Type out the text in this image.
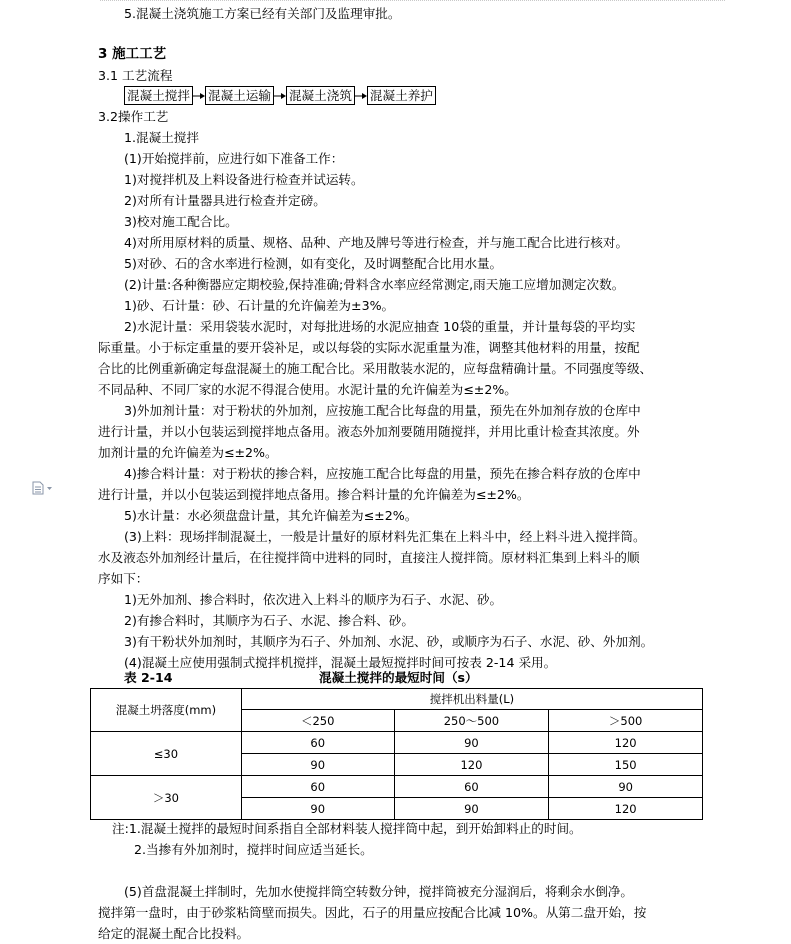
5.混凝土浇筑施工方案已经有关部门及监理审批。
3 施工工艺
3.1 工艺流程
混凝土搅拌 混凝土运输 混凝土浇筑 混凝土养护
3.2操作工艺
1.混凝土搅拌
(1)开始搅拌前，应进行如下准备工作：
1)对搅拌机及上料设备进行检查并试运转。
2)对所有计量器具进行检查并定磅。
3)校对施工配合比。
4)对所用原材料的质量、规格、品种、产地及牌号等进行检查，并与施工配合比进行核对。
5)对砂、石的含水率进行检测，如有变化，及时调整配合比用水量。
(2)计量:各种衡器应定期校验,保持准确;骨料含水率应经常测定,雨天施工应增加测定次数。
1)砂、石计量：砂、石计量的允许偏差为±3%。
2)水泥计量：采用袋装水泥时，对每批进场的水泥应抽查 10袋的重量，并计量每袋的平均实
际重量。小于标定重量的要开袋补足，或以每袋的实际水泥重量为准，调整其他材料的用量，按配
合比的比例重新确定每盘混凝土的施工配合比。采用散装水泥的，应每盘精确计量。不同强度等级、
不同品种、不同厂家的水泥不得混合使用。水泥计量的允许偏差为≤±2%。
3)外加剂计量：对于粉状的外加剂，应按施工配合比每盘的用量，预先在外加剂存放的仓库中
进行计量，并以小包装运到搅拌地点备用。液态外加剂要随用随搅拌，并用比重计检查其浓度。外
加剂计量的允许偏差为≤±2%。
4)掺合料计量：对于粉状的掺合料，应按施工配合比每盘的用量，预先在掺合料存放的仓库中
进行计量，并以小包装运到搅拌地点备用。掺合料计量的允许偏差为≤±2%。
5)水计量：水必须盘盘计量，其允许偏差为≤±2%。
(3)上料：现场拌制混凝土，一般是计量好的原材料先汇集在上料斗中，经上料斗进入搅拌筒。
水及液态外加剂经计量后，在往搅拌筒中进料的同时，直接注人搅拌筒。原材料汇集到上料斗的顺
序如下：
1)无外加剂、掺合料时，依次进入上料斗的顺序为石子、水泥、砂。
2)有掺合料时，其顺序为石子、水泥、掺合料、砂。
3)有干粉状外加剂时，其顺序为石子、外加剂、水泥、砂，或顺序为石子、水泥、砂、外加剂。
(4)混凝土应使用强制式搅拌机搅拌，混凝土最短搅拌时间可按表 2-14 采用。
表 2-14	混凝土搅拌的最短时间（s）
混凝土坍落度(mm)	搅拌机出料量(L)		
	＜250	250～500	＞500
≤30	60	90	120
	90	120	150
＞30	60	60	90
	90	90	120
注:1.混凝土搅拌的最短时间系指自全部材料装人搅拌筒中起，到开始卸料止的时间。
2.当掺有外加剂时，搅拌时间应适当延长。
(5)首盘混凝土拌制时，先加水使搅拌筒空转数分钟，搅拌筒被充分湿润后，将剩余水倒净。
搅拌第一盘时，由于砂浆粘筒壁而损失。因此，石子的用量应按配合比减 10%。从第二盘开始，按
给定的混凝土配合比投料。
